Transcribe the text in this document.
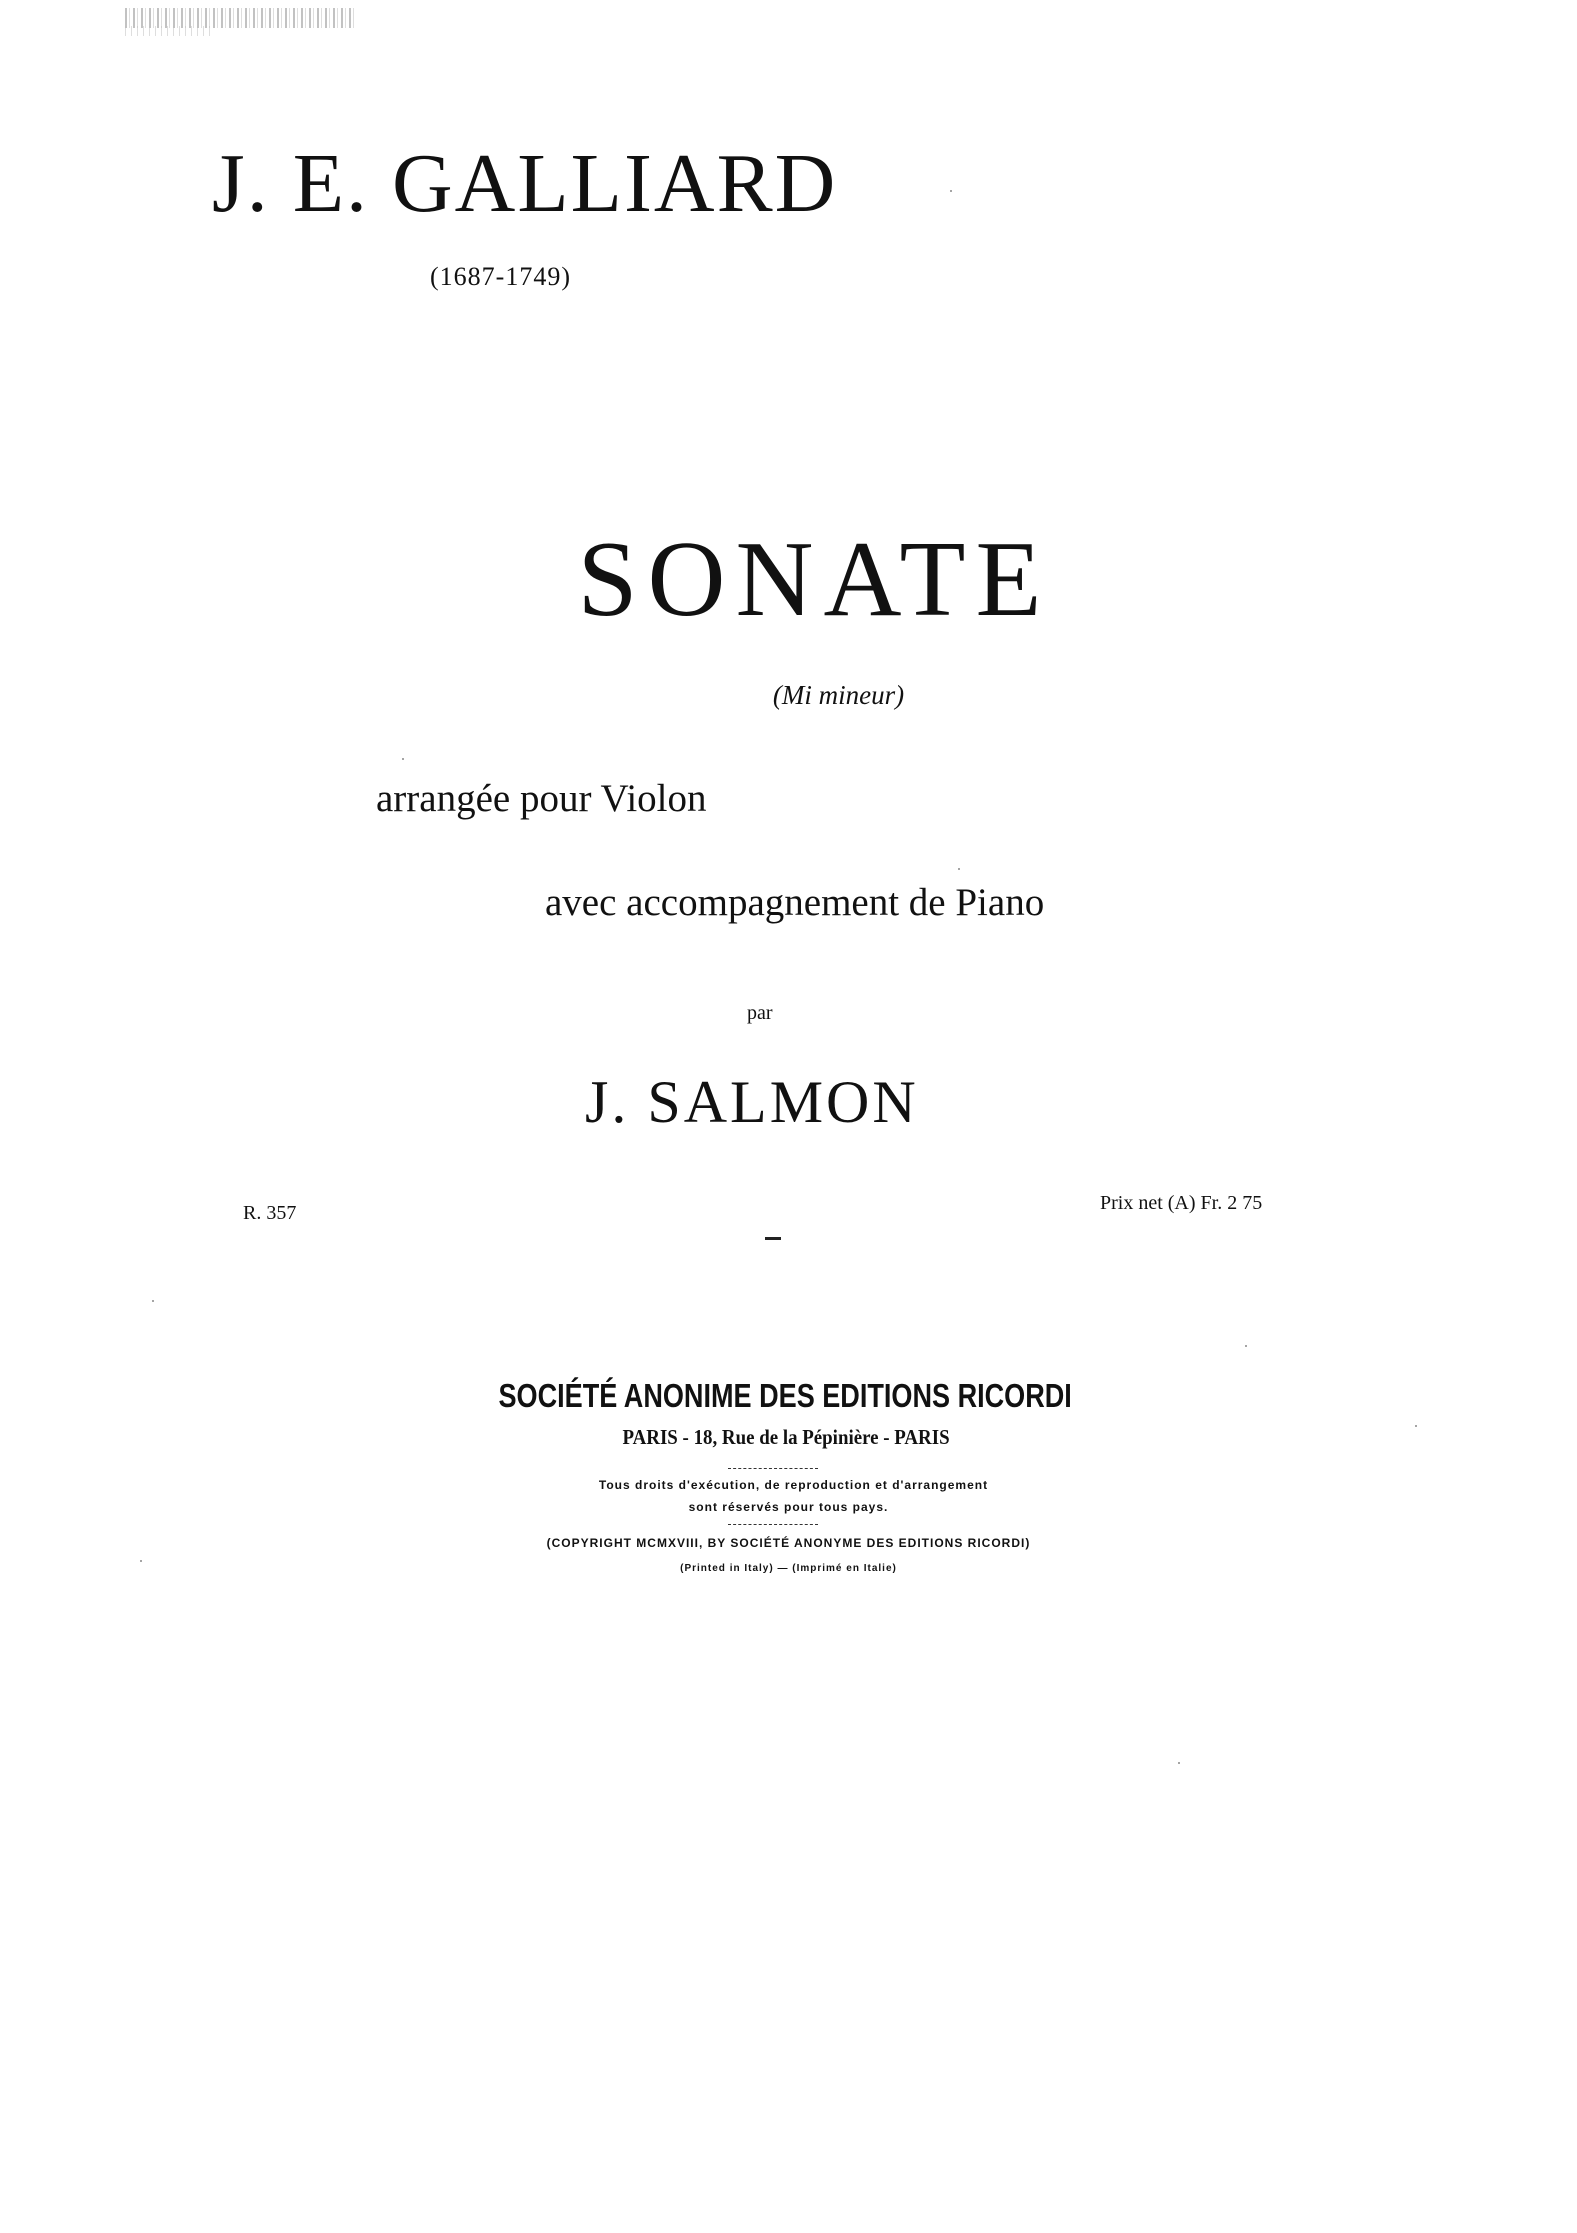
J. E. GALLIARD
(1687-1749)
SONATE
(Mi mineur)
arrangée pour Violon
avec accompagnement de Piano
par
J. SALMON
R. 357	Prix net (A) Fr. 2 75
SOCIÉTÉ ANONIME DES EDITIONS RICORDI
PARIS - 18, Rue de la Pépinière - PARIS
Tous droits d'exécution, de reproduction et d'arrangement
sont réservés pour tous pays.
(COPYRIGHT MCMXVIII, BY SOCIÉTÉ ANONYME DES EDITIONS RICORDI)
(Printed in Italy) — (Imprimé en Italie)
